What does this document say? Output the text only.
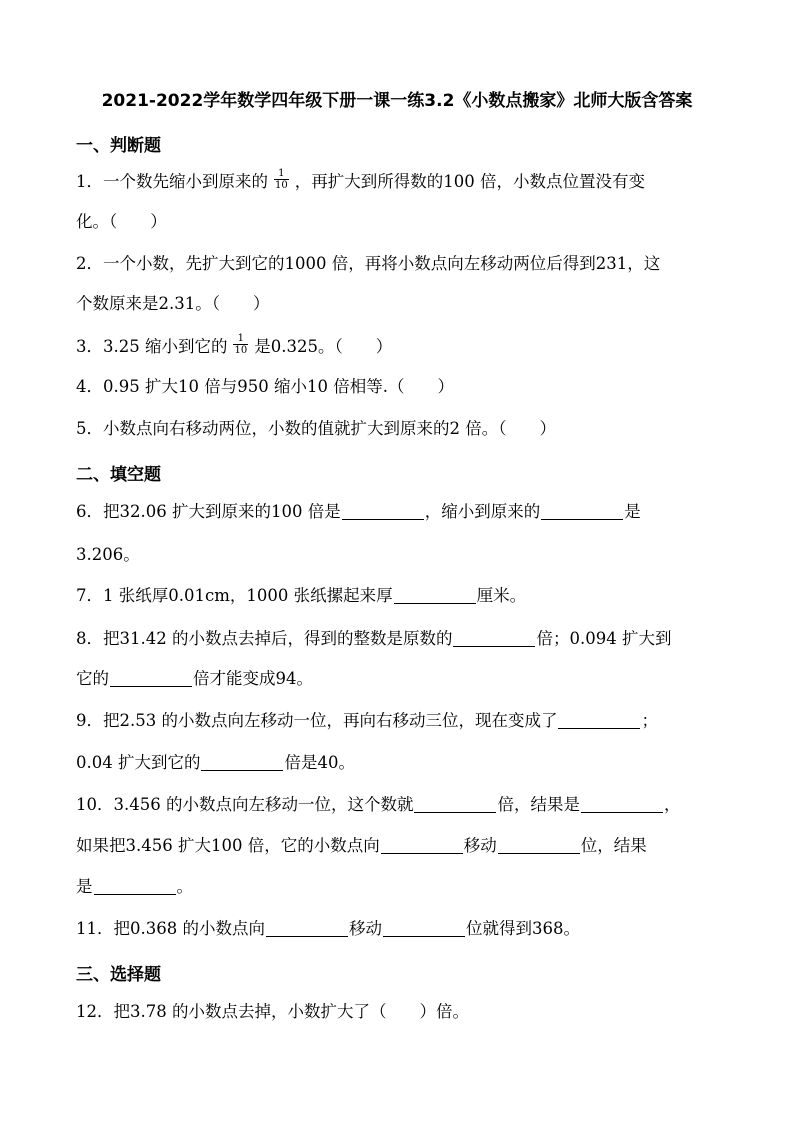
2021-2022学年数学四年级下册一课一练3.2《小数点搬家》北师大版含答案
一、判断题
1．一个数先缩小到原来的 $\frac{1}{10}$ ，再扩大到所得数的100 倍，小数点位置没有变
化。（　　）
2．一个小数，先扩大到它的1000 倍，再将小数点向左移动两位后得到231，这
个数原来是2.31。（　　）
3．3.25 缩小到它的 $\frac{1}{10}$ 是0.325。（　　）
4．0.95 扩大10 倍与950 缩小10 倍相等.（　　）
5．小数点向右移动两位，小数的值就扩大到原来的2 倍。（　　）
二、填空题
6．把32.06 扩大到原来的100 倍是	，缩小到原来的	是
3.206。
7．1 张纸厚0.01cm，1000 张纸摞起来厚	厘米。
8．把31.42 的小数点去掉后，得到的整数是原数的	倍；0.094 扩大到
它的	倍才能变成94。
9．把2.53 的小数点向左移动一位，再向右移动三位，现在变成了	；
0.04 扩大到它的	倍是40。
10．3.456 的小数点向左移动一位，这个数就	倍，结果是	，
如果把3.456 扩大100 倍，它的小数点向	移动	位，结果
是	。
11．把0.368 的小数点向	移动	位就得到368。
三、选择题
12．把3.78 的小数点去掉，小数扩大了（　　）倍。
